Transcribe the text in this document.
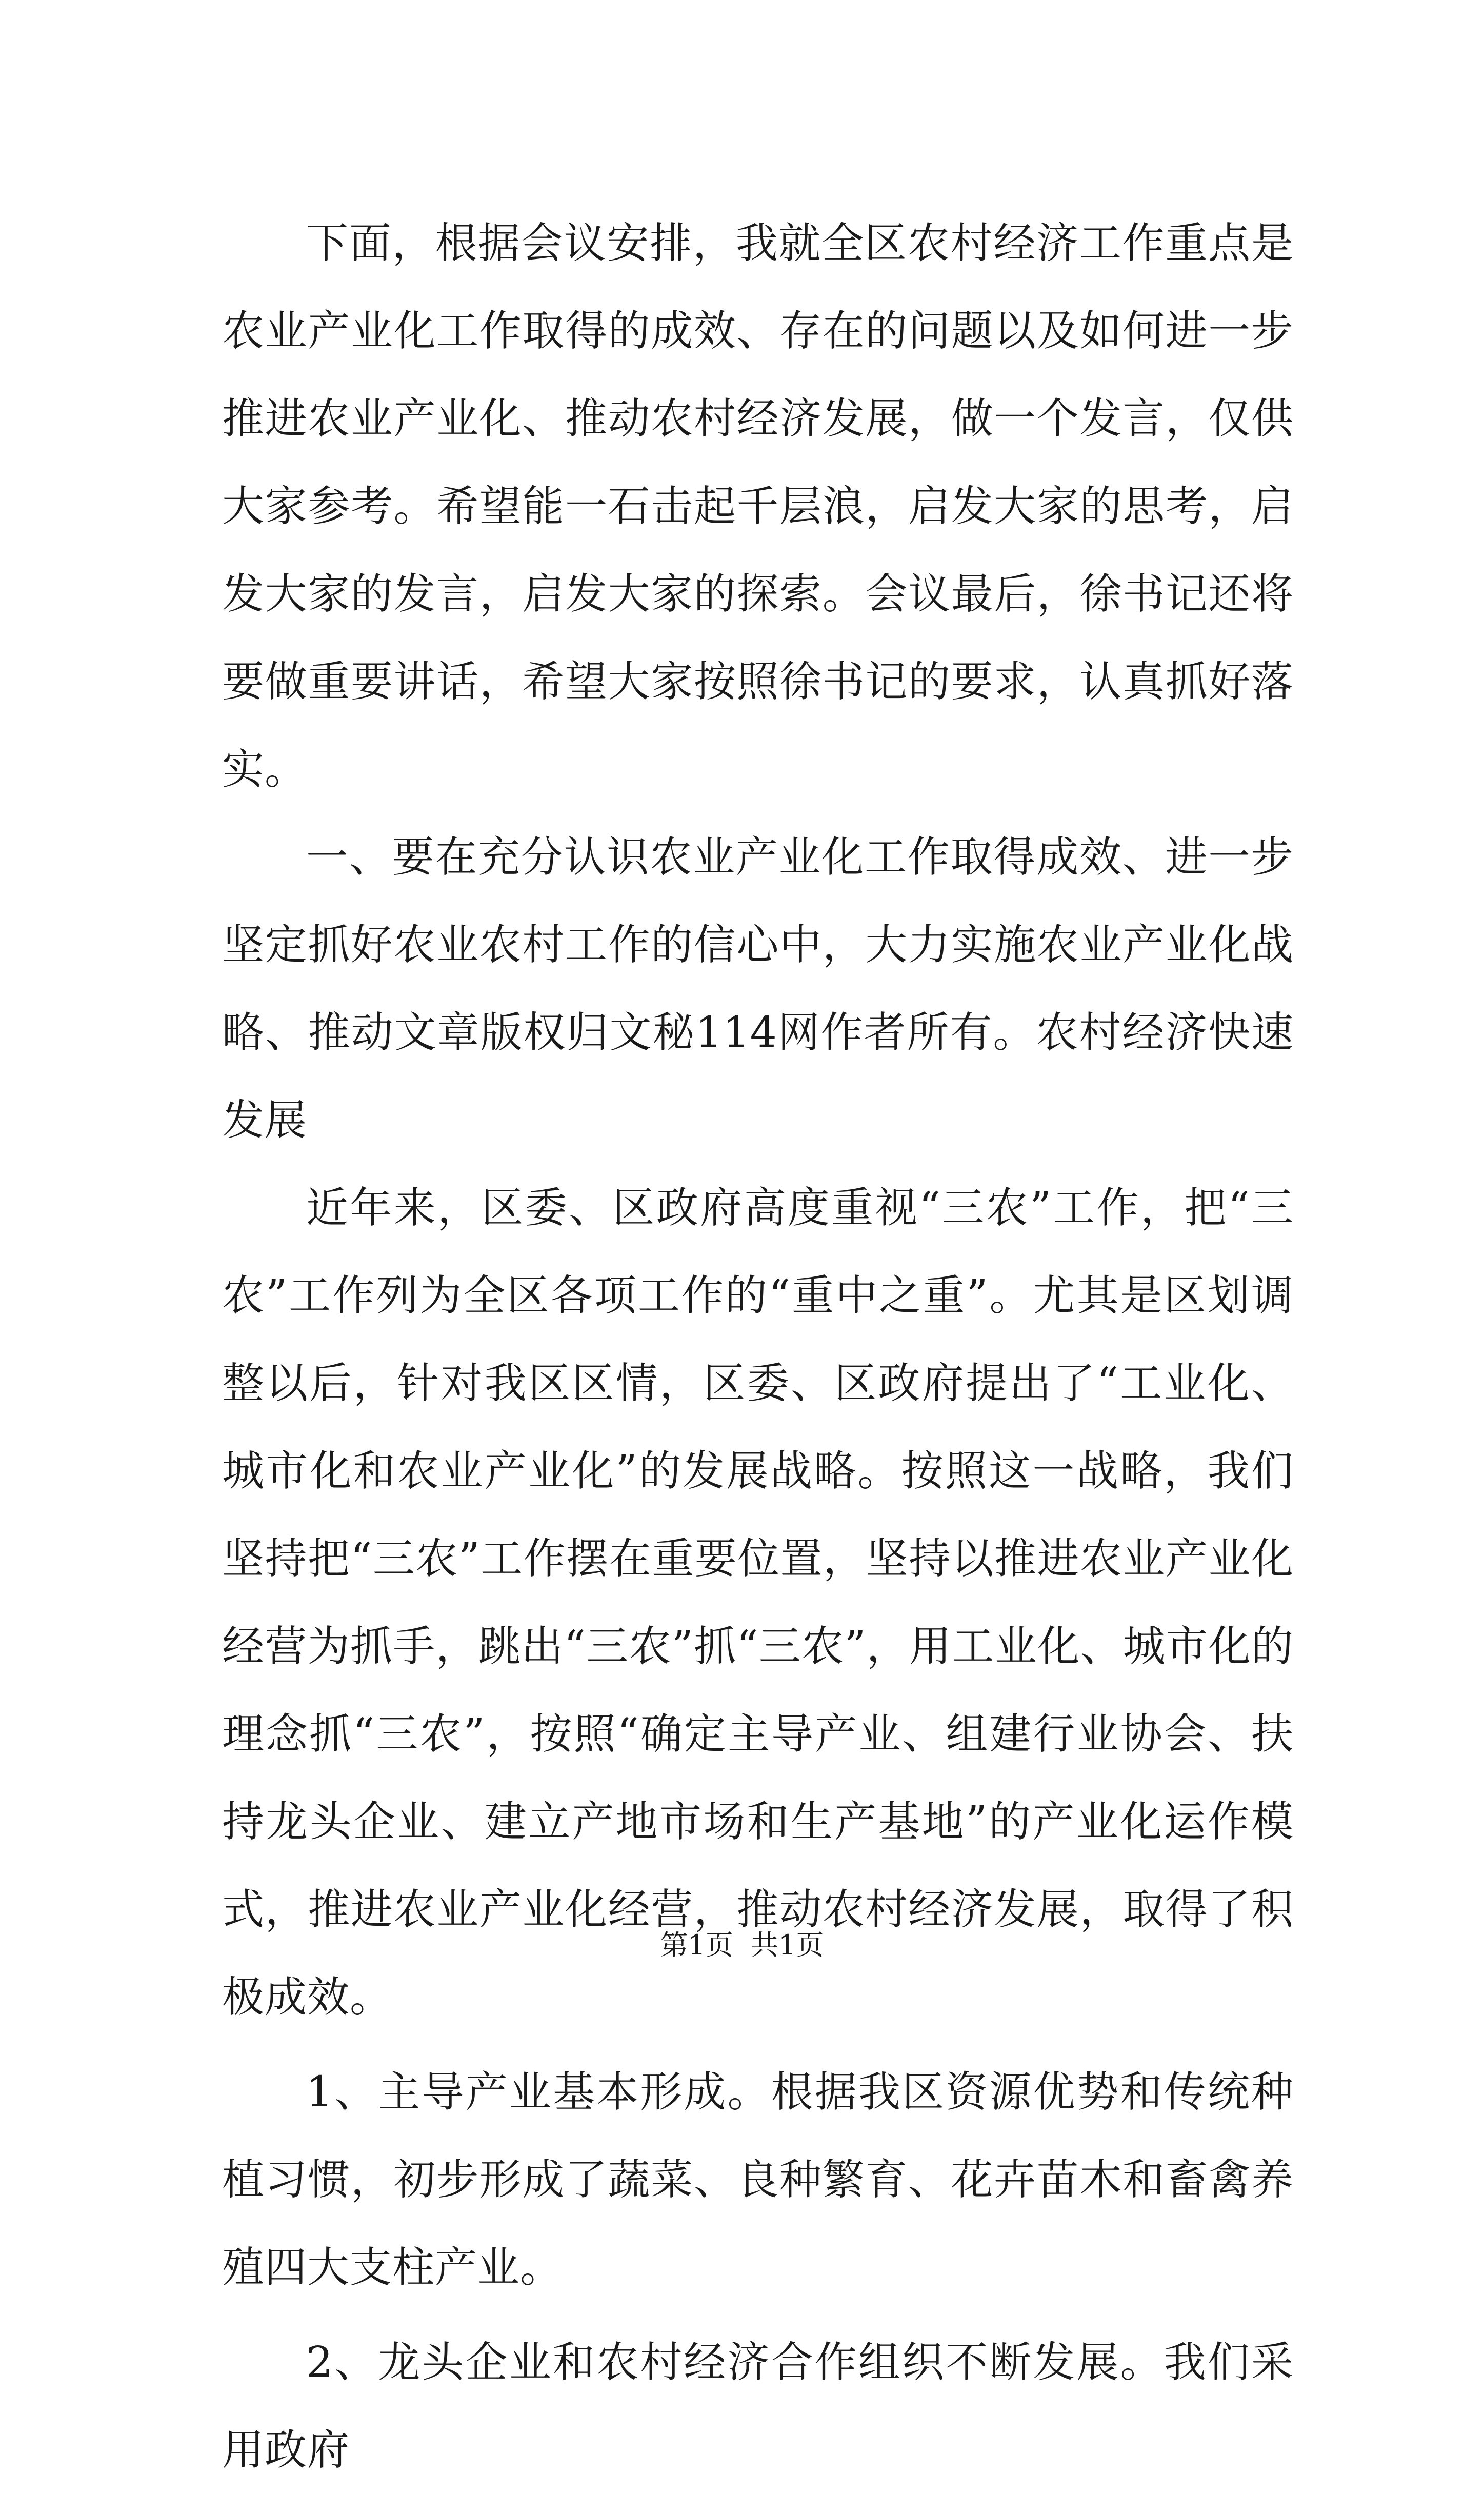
下面，根据会议安排，我就全区农村经济工作重点是农业产业化工作取得的成效、存在的问题以及如何进一步推进农业产业化、推动农村经济发展，做一个发言，仅供大家参考。希望能一石击起千层浪，启发大家的思考，启发大家的发言，启发大家的探索。会议最后，徐书记还将要做重要讲话，希望大家按照徐书记的要求，认真抓好落实。

一、要在充分认识农业产业化工作取得成效、进一步坚定抓好农业农村工作的信心中，大力实施农业产业化战略、推动文章版权归文秘114网作者所有。农村经济快速发展

近年来，区委、区政府高度重视“三农”工作，把“三农”工作列为全区各项工作的“重中之重”。尤其是区划调整以后，针对我区区情，区委、区政府提出了“工业化、城市化和农业产业化”的发展战略。按照这一战略，我们坚持把“三农”工作摆在重要位置，坚持以推进农业产业化经营为抓手，跳出“三农”抓“三农”，用工业化、城市化的理念抓“三农”，按照“确定主导产业、组建行业协会、扶持龙头企业、建立产地市场和生产基地”的产业化运作模式，推进农业产业化经营，推动农村经济发展，取得了积极成效。

1、主导产业基本形成。根据我区资源优势和传统种植习惯，初步形成了蔬菜、良种繁育、花卉苗木和畜禽养殖四大支柱产业。

2、龙头企业和农村经济合作组织不断发展。我们采用政府

第1页  共1页
